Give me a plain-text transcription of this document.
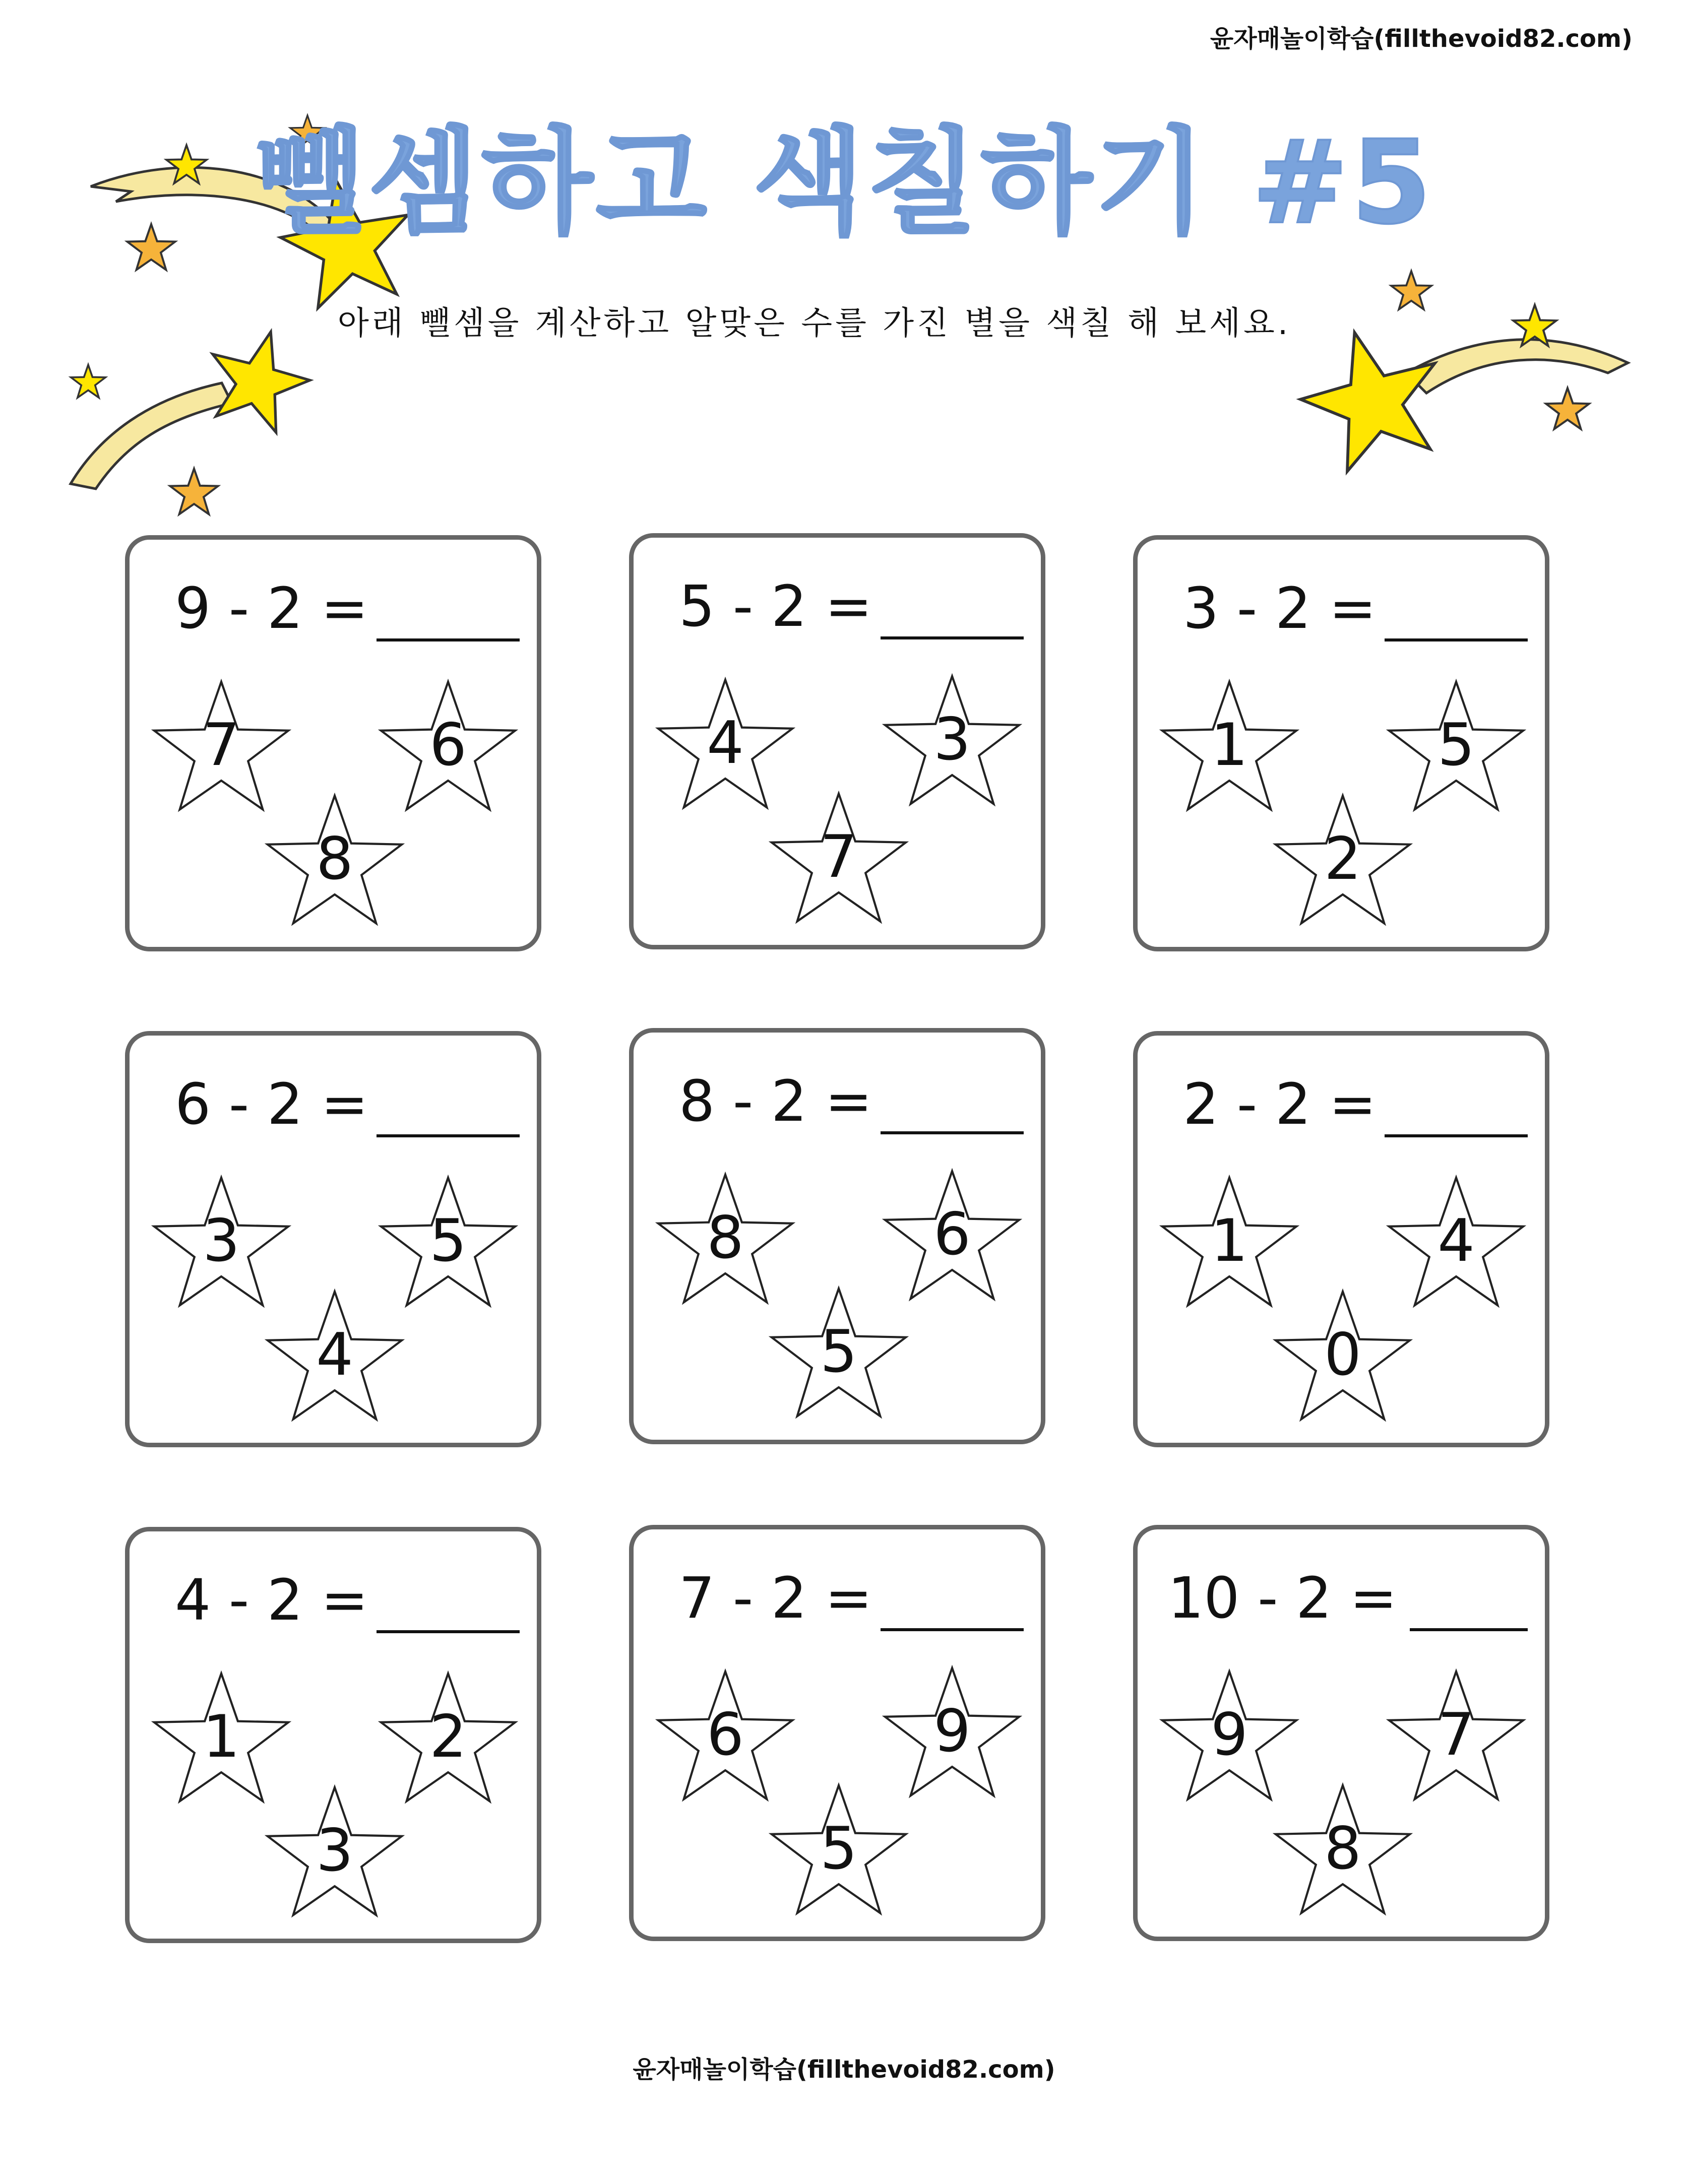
윤자매놀이학습(fillthevoid82.com)
뺄셈하고 색칠하기 #5
아래 뺄셈을 계산하고 알맞은 수를 가진 별을 색칠 해 보세요.
9 - 2 =
7	6
8
5 - 2 =
4	3
7
3 - 2 =
1	5
2
6 - 2 =
3	5
4
8 - 2 =
8	6
5
2 - 2 =
1	4
0
4 - 2 =
1	2
3
7 - 2 =
6	9
5
10 - 2 =
9	7
8
윤자매놀이학습(fillthevoid82.com)
